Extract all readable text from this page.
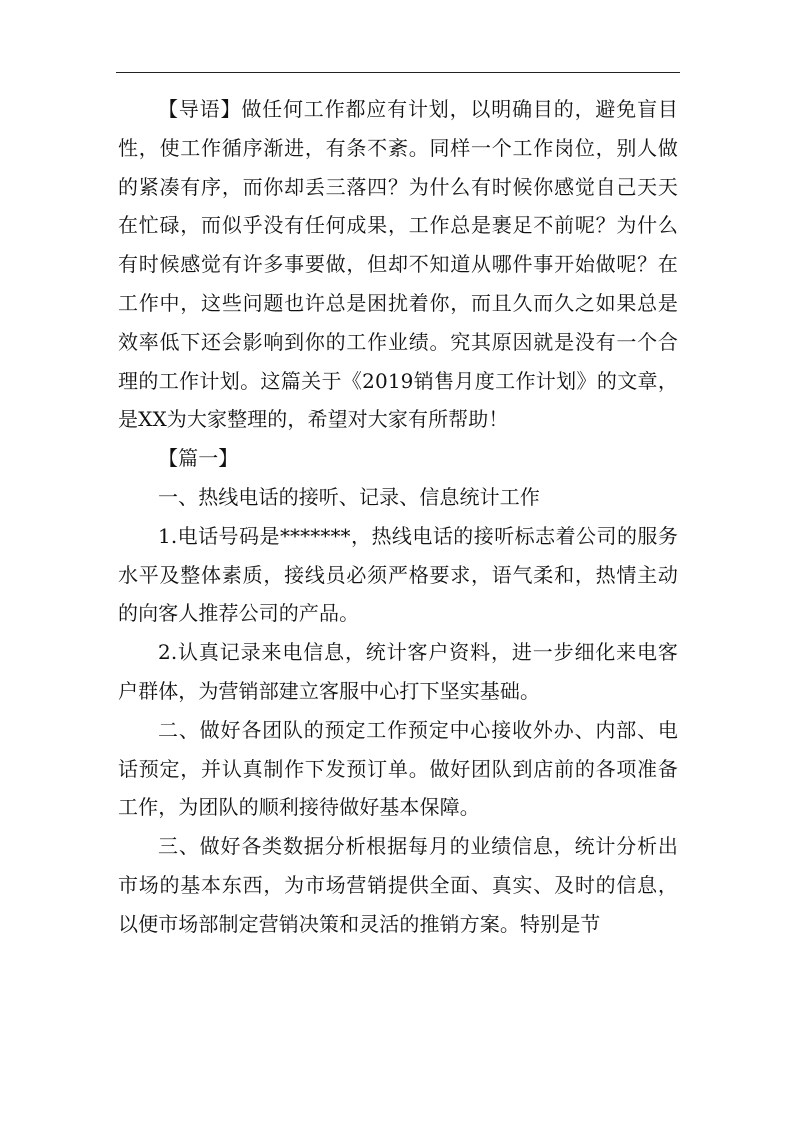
【导语】做任何工作都应有计划，以明确目的，避免盲目性，使工作循序渐进，有条不紊。同样一个工作岗位，别人做的紧凑有序，而你却丢三落四？为什么有时候你感觉自己天天在忙碌，而似乎没有任何成果，工作总是裹足不前呢？为什么有时候感觉有许多事要做，但却不知道从哪件事开始做呢？在工作中，这些问题也许总是困扰着你，而且久而久之如果总是效率低下还会影响到你的工作业绩。究其原因就是没有一个合理的工作计划。这篇关于《2019销售月度工作计划》的文章，是XX为大家整理的，希望对大家有所帮助！

【篇一】

一、热线电话的接听、记录、信息统计工作

1.电话号码是*******，热线电话的接听标志着公司的服务水平及整体素质，接线员必须严格要求，语气柔和，热情主动的向客人推荐公司的产品。

2.认真记录来电信息，统计客户资料，进一步细化来电客户群体，为营销部建立客服中心打下坚实基础。

二、做好各团队的预定工作预定中心接收外办、内部、电话预定，并认真制作下发预订单。做好团队到店前的各项准备工作，为团队的顺利接待做好基本保障。

三、做好各类数据分析根据每月的业绩信息，统计分析出市场的基本东西，为市场营销提供全面、真实、及时的信息，以便市场部制定营销决策和灵活的推销方案。特别是节
